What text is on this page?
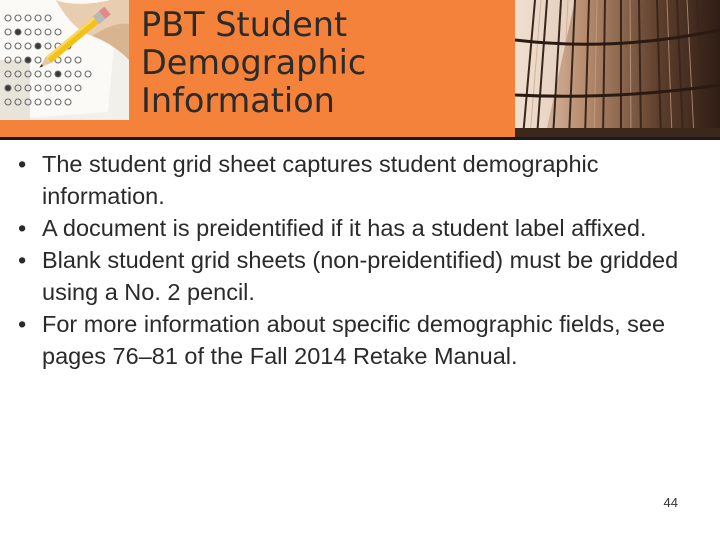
PBT Student
Demographic
Information
• The student grid sheet captures student demographic information.
• A document is preidentified if it has a student label affixed.
• Blank student grid sheets (non-preidentified) must be gridded using a No. 2 pencil.
• For more information about specific demographic fields, see pages 76–81 of the Fall 2014 Retake Manual.
44
